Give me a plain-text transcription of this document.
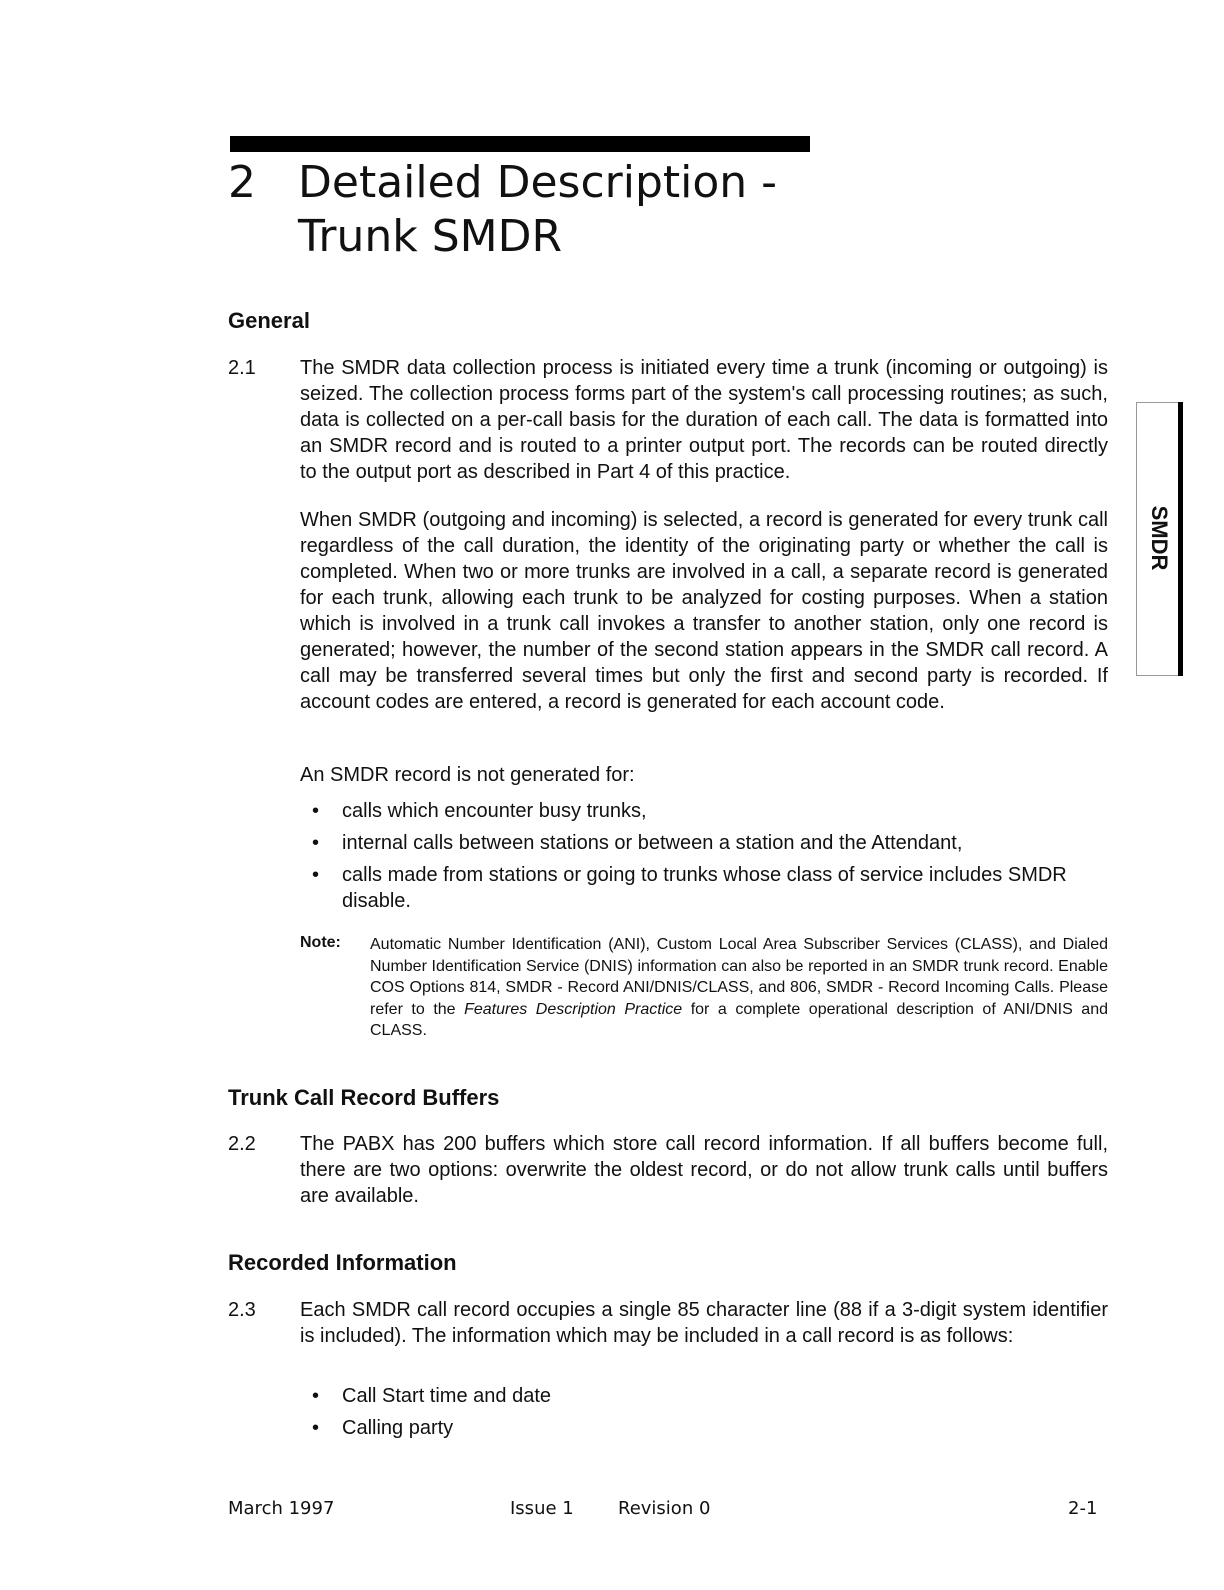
2 Detailed Description -
Trunk SMDR
General
2.1 The SMDR data collection process is initiated every time a trunk (incoming or outgoing) is seized. The collection process forms part of the system's call processing routines; as such, data is collected on a per-call basis for the duration of each call. The data is formatted into an SMDR record and is routed to a printer output port. The records can be routed directly to the output port as described in Part 4 of this practice.

When SMDR (outgoing and incoming) is selected, a record is generated for every trunk call regardless of the call duration, the identity of the originating party or whether the call is completed. When two or more trunks are involved in a call, a separate record is generated for each trunk, allowing each trunk to be analyzed for costing purposes. When a station which is involved in a trunk call invokes a transfer to another station, only one record is generated; however, the number of the second station appears in the SMDR call record. A call may be transferred several times but only the first and second party is recorded. If account codes are entered, a record is generated for each account code.

An SMDR record is not generated for:

• calls which encounter busy trunks,
• internal calls between stations or between a station and the Attendant,
• calls made from stations or going to trunks whose class of service includes SMDR disable.
Note: Automatic Number Identification (ANI), Custom Local Area Subscriber Services (CLASS), and Dialed Number Identification Service (DNIS) information can also be reported in an SMDR trunk record. Enable COS Options 814, SMDR - Record ANI/DNIS/CLASS, and 806, SMDR - Record Incoming Calls. Please refer to the Features Description Practice for a complete operational description of ANI/DNIS and CLASS.

Trunk Call Record Buffers
2.2 The PABX has 200 buffers which store call record information. If all buffers become full, there are two options: overwrite the oldest record, or do not allow trunk calls until buffers are available.

Recorded Information
2.3 Each SMDR call record occupies a single 85 character line (88 if a 3-digit system identifier is included). The information which may be included in a call record is as follows:

• Call Start time and date
• Calling party
SMDR
March 1997	Issue 1 Revision 0	2-1
